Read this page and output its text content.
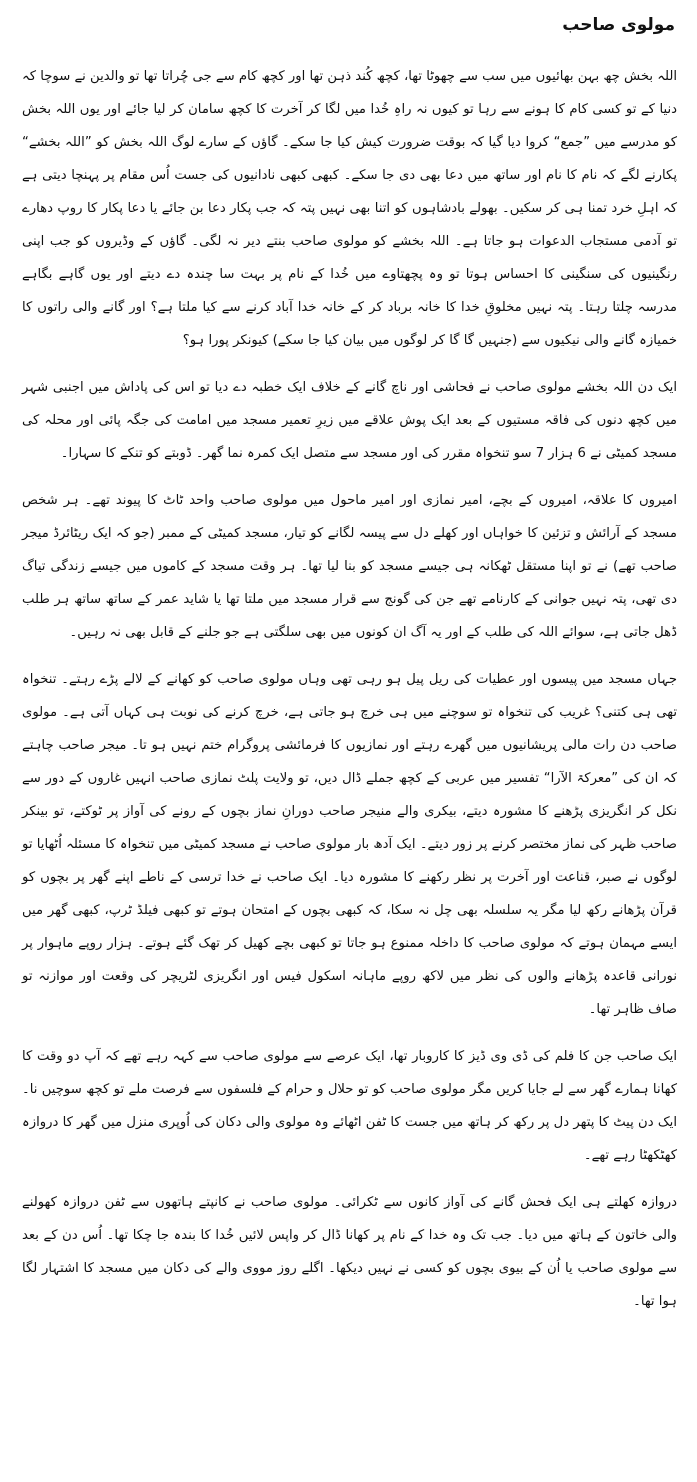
مولوی صاحب

اللہ بخش چھ بہن بھائیوں میں سب سے چھوٹا تھا، کچھ کُند ذہن تھا اور کچھ کام سے جی چُراتا تھا تو والدین نے سوچا کہ دنیا کے تو کسی کام کا ہونے سے رہا تو کیوں نہ راہِ خُدا میں لگا کر آخرت کا کچھ سامان کر لیا جائے اور یوں اللہ بخش کو مدرسے میں ”جمع“ کروا دیا گیا کہ بوقت ضرورت کیش کیا جا سکے۔ گاؤں کے سارے لوگ اللہ بخش کو ”اللہ بخشے“ پکارنے لگے کہ نام کا نام اور ساتھ میں دعا بھی دی جا سکے۔ کبھی کبھی نادانیوں کی جست اُس مقام پر پہنچا دیتی ہے کہ اہلِ خرد تمنا ہی کر سکیں۔ بھولے بادشاہوں کو اتنا بھی نہیں پتہ کہ جب پکار دعا بن جائے یا دعا پکار کا روپ دھارے تو آدمی مستجاب الدعوات ہو جاتا ہے۔ اللہ بخشے کو مولوی صاحب بنتے دیر نہ لگی۔ گاؤں کے وڈیروں کو جب اپنی رنگینیوں کی سنگینی کا احساس ہوتا تو وہ پچھتاوے میں خُدا کے نام پر بہت سا چندہ دے دیتے اور یوں گاہے بگاہے مدرسہ چلتا رہتا۔ پتہ نہیں مخلوقِ خدا کا خانہ برباد کر کے خانہ خدا آباد کرنے سے کیا ملتا ہے؟ اور گانے والی راتوں کا خمیازہ گانے والی نیکیوں سے (جنہیں گا گا کر لوگوں میں بیان کیا جا سکے) کیونکر پورا ہو؟

ایک دن اللہ بخشے مولوی صاحب نے فحاشی اور ناچ گانے کے خلاف ایک خطبہ دے دیا تو اس کی پاداش میں اجنبی شہر میں کچھ دنوں کی فاقہ مستیوں کے بعد ایک پوش علاقے میں زیرِ تعمیر مسجد میں امامت کی جگہ پائی اور محلہ کی مسجد کمیٹی نے 6 ہزار 7 سو تنخواہ مقرر کی اور مسجد سے متصل ایک کمرہ نما گھر۔ ڈوبتے کو تنکے کا سہارا۔

امیروں کا علاقہ، امیروں کے بچے، امیر نمازی اور امیر ماحول میں مولوی صاحب واحد ٹاٹ کا پیوند تھے۔ ہر شخص مسجد کے آرائش و تزئین کا خواہاں اور کھلے دل سے پیسہ لگانے کو تیار، مسجد کمیٹی کے ممبر (جو کہ ایک ریٹائرڈ میجر صاحب تھے) نے تو اپنا مستقل ٹھکانہ ہی جیسے مسجد کو بنا لیا تھا۔ ہر وقت مسجد کے کاموں میں جیسے زندگی تیاگ دی تھی، پتہ نہیں جوانی کے کارنامے تھے جن کی گونج سے قرار مسجد میں ملتا تھا یا شاید عمر کے ساتھ ساتھ ہر طلب ڈھل جاتی ہے، سوائے اللہ کی طلب کے اور یہ آگ ان کونوں میں بھی سلگتی ہے جو جلنے کے قابل بھی نہ رہیں۔

جہاں مسجد میں پیسوں اور عطیات کی ریل پیل ہو رہی تھی وہاں مولوی صاحب کو کھانے کے لالے پڑے رہتے۔ تنخواہ تھی ہی کتنی؟ غریب کی تنخواہ تو سوچنے میں ہی خرچ ہو جاتی ہے، خرچ کرنے کی نوبت ہی کہاں آتی ہے۔ مولوی صاحب دن رات مالی پریشانیوں میں گھرے رہتے اور نمازیوں کا فرمائشی پروگرام ختم نہیں ہو تا۔ میجر صاحب چاہتے کہ ان کی ”معرکۃ الآرا“ تفسیر میں عربی کے کچھ جملے ڈال دیں، تو ولایت پلٹ نمازی صاحب انہیں غاروں کے دور سے نکل کر انگریزی پڑھنے کا مشورہ دیتے، بیکری والے منیجر صاحب دورانِ نماز بچوں کے رونے کی آواز پر ٹوکتے، تو بینکر صاحب ظہر کی نماز مختصر کرنے پر زور دیتے۔ ایک آدھ بار مولوی صاحب نے مسجد کمیٹی میں تنخواہ کا مسئلہ اُٹھایا تو لوگوں نے صبر، قناعت اور آخرت پر نظر رکھنے کا مشورہ دیا۔ ایک صاحب نے خدا ترسی کے ناطے اپنے گھر پر بچوں کو قرآن پڑھانے رکھ لیا مگر یہ سلسلہ بھی چل نہ سکا، کہ کبھی بچوں کے امتحان ہوتے تو کبھی فیلڈ ٹرپ، کبھی گھر میں ایسے مہمان ہوتے کہ مولوی صاحب کا داخلہ ممنوع ہو جاتا تو کبھی بچے کھیل کر تھک گئے ہوتے۔ ہزار روپے ماہوار پر نورانی قاعدہ پڑھانے والوں کی نظر میں لاکھ روپے ماہانہ اسکول فیس اور انگریزی لٹریچر کی وقعت اور موازنہ تو صاف ظاہر تھا۔

ایک صاحب جن کا فلم کی ڈی وی ڈیز کا کاروبار تھا، ایک عرصے سے مولوی صاحب سے کہہ رہے تھے کہ آپ دو وقت کا کھانا ہمارے گھر سے لے جایا کریں مگر مولوی صاحب کو تو حلال و حرام کے فلسفوں سے فرصت ملے تو کچھ سوچیں نا۔ ایک دن پیٹ کا پتھر دل پر رکھ کر ہاتھ میں جست کا ٹفن اٹھائے وہ مولوی والی دکان کی اُوپری منزل میں گھر کا دروازہ کھٹکھٹا رہے تھے۔

دروازہ کھلتے ہی ایک فحش گانے کی آواز کانوں سے ٹکرائی۔ مولوی صاحب نے کانپتے ہاتھوں سے ٹفن دروازہ کھولنے والی خاتون کے ہاتھ میں دیا۔ جب تک وہ خدا کے نام پر کھانا ڈال کر واپس لائیں خُدا کا بندہ جا چکا تھا۔ اُس دن کے بعد سے مولوی صاحب یا اُن کے بیوی بچوں کو کسی نے نہیں دیکھا۔ اگلے روز مووی والے کی دکان میں مسجد کا اشتہار لگا ہوا تھا۔
